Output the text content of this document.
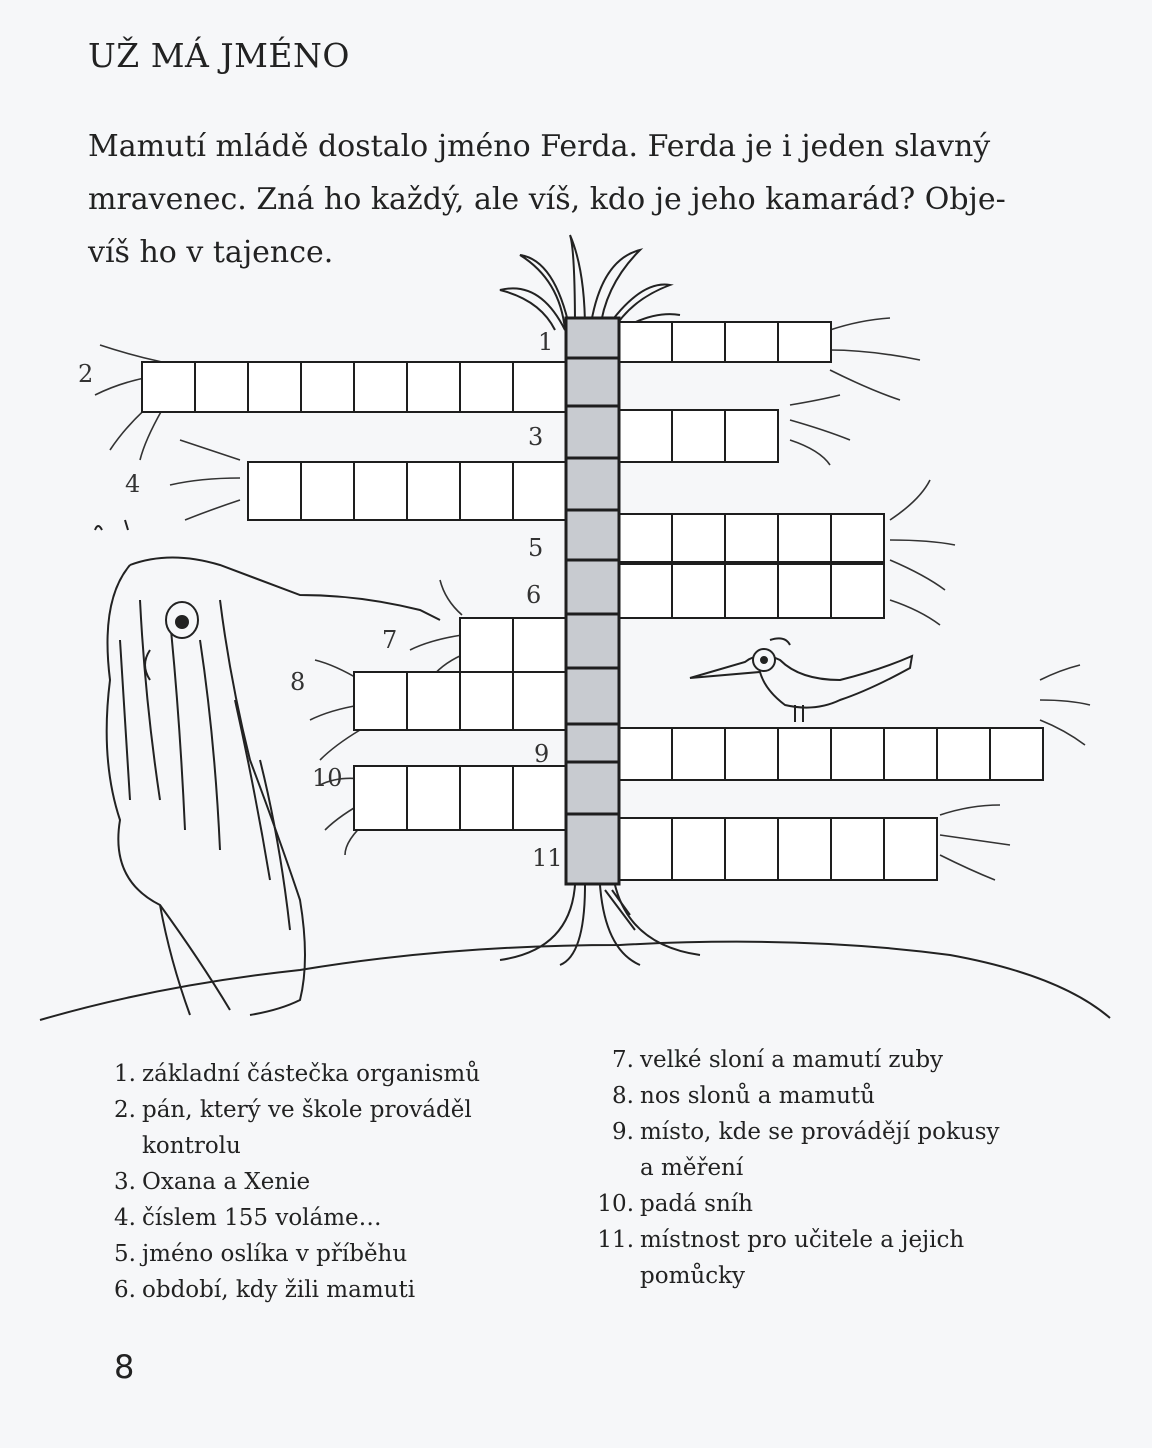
UŽ MÁ JMÉNO
Mamutí mládě dostalo jméno Ferda. Ferda je i jeden slavný
mravenec. Zná ho každý, ale víš, kdo je jeho kamarád? Obje-
víš ho v tajence.
1
2
3
4
5
6
7
8
9
10
11
1. základní částečka organismů
2. pán, který ve škole prováděl kontrolu
3. Oxana a Xenie
4. číslem 155 voláme…
5. jméno oslíka v příběhu
6. období, kdy žili mamuti
7. velké sloní a mamutí zuby
8. nos slonů a mamutů
9. místo, kde se provádějí pokusy a měření
10. padá sníh
11. místnost pro učitele a jejich pomůcky
8
